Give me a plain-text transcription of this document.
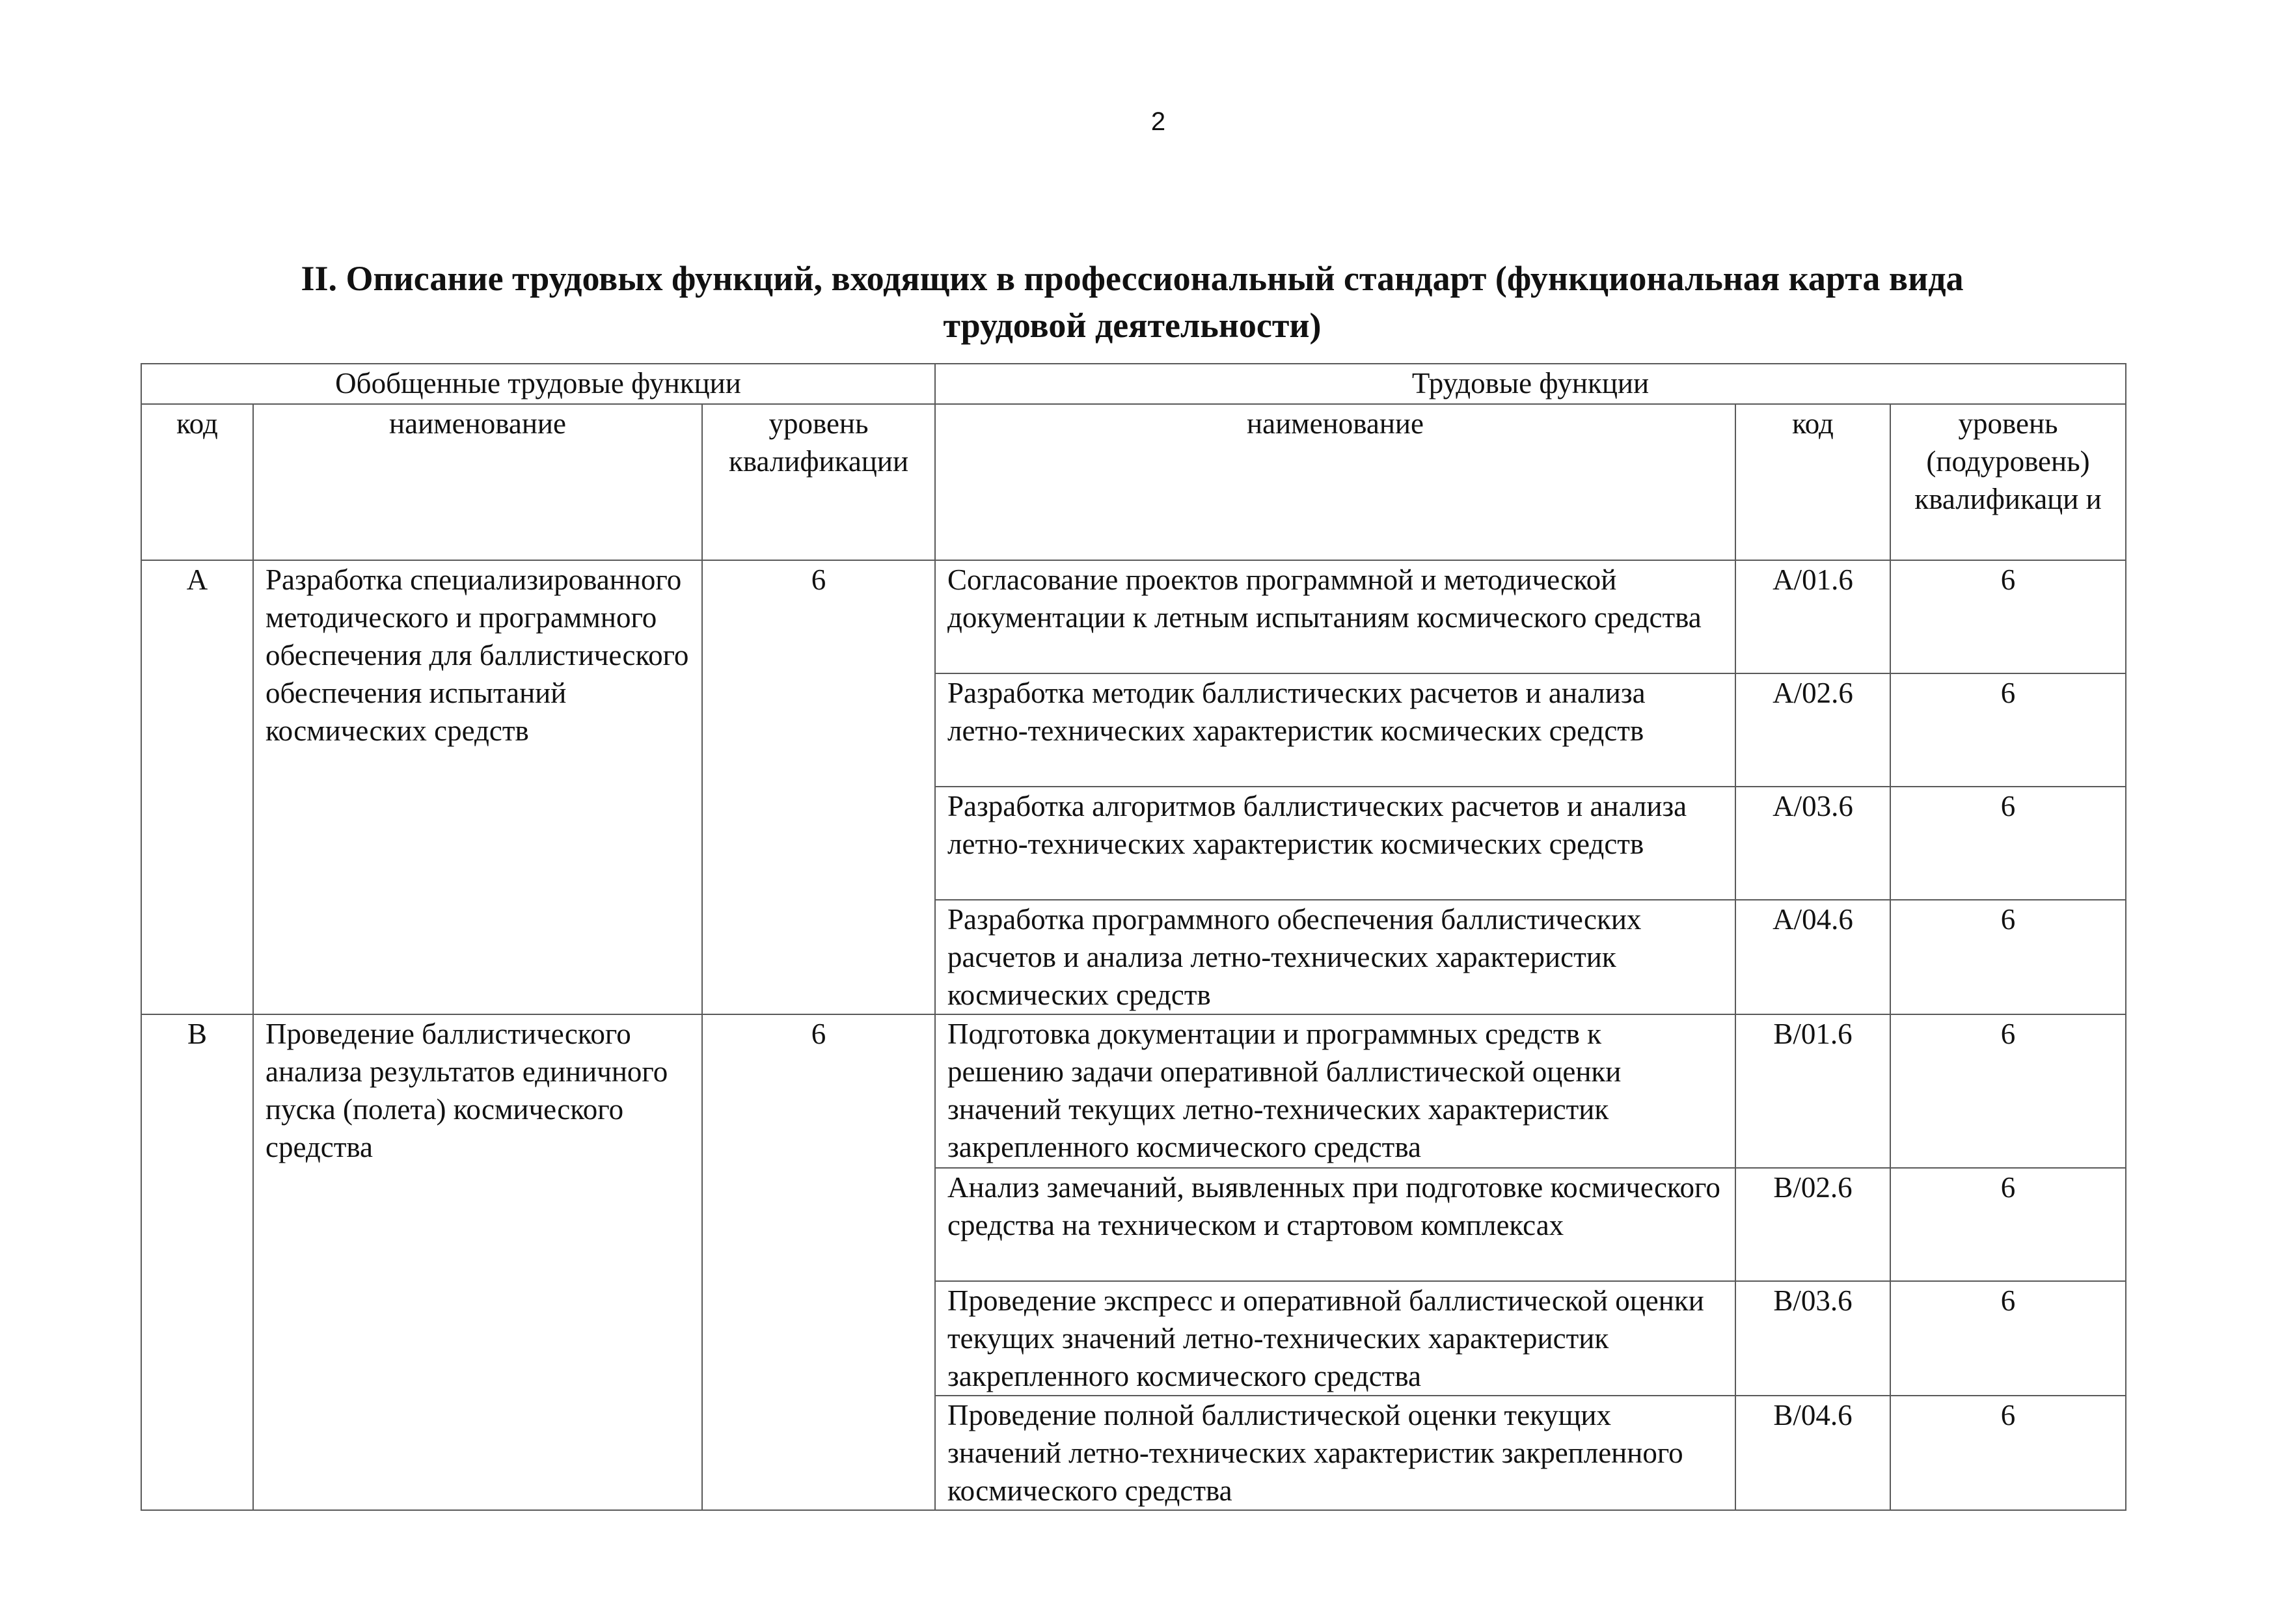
2
II. Описание трудовых функций, входящих в профессиональный стандарт (функциональная карта вида
трудовой деятельности)
Обобщенные трудовые функции			Трудовые функции		
код	наименование	уровень квалификации	наименование	код	уровень (подуровень) квалификаци и
А	Разработка специализированного методического и программного обеспечения для баллистического обеспечения испытаний космических средств	6	Согласование проектов программной и методической документации к летным испытаниям космического средства	А/01.6	6
			Разработка методик баллистических расчетов и анализа летно-технических характеристик космических средств	А/02.6	6
			Разработка алгоритмов баллистических расчетов и анализа летно-технических характеристик космических средств	А/03.6	6
			Разработка программного обеспечения баллистических расчетов и анализа летно-технических характеристик космических средств	А/04.6	6
В	Проведение баллистического анализа результатов единичного пуска (полета) космического средства	6	Подготовка документации и программных средств к решению задачи оперативной баллистической оценки значений текущих летно-технических характеристик закрепленного космического средства	В/01.6	6
			Анализ замечаний, выявленных при подготовке космического средства на техническом и стартовом комплексах	В/02.6	6
			Проведение экспресс и оперативной баллистической оценки текущих значений летно-технических характеристик закрепленного космического средства	В/03.6	6
			Проведение полной баллистической оценки текущих значений летно-технических характеристик закрепленного космического средства	В/04.6	6
